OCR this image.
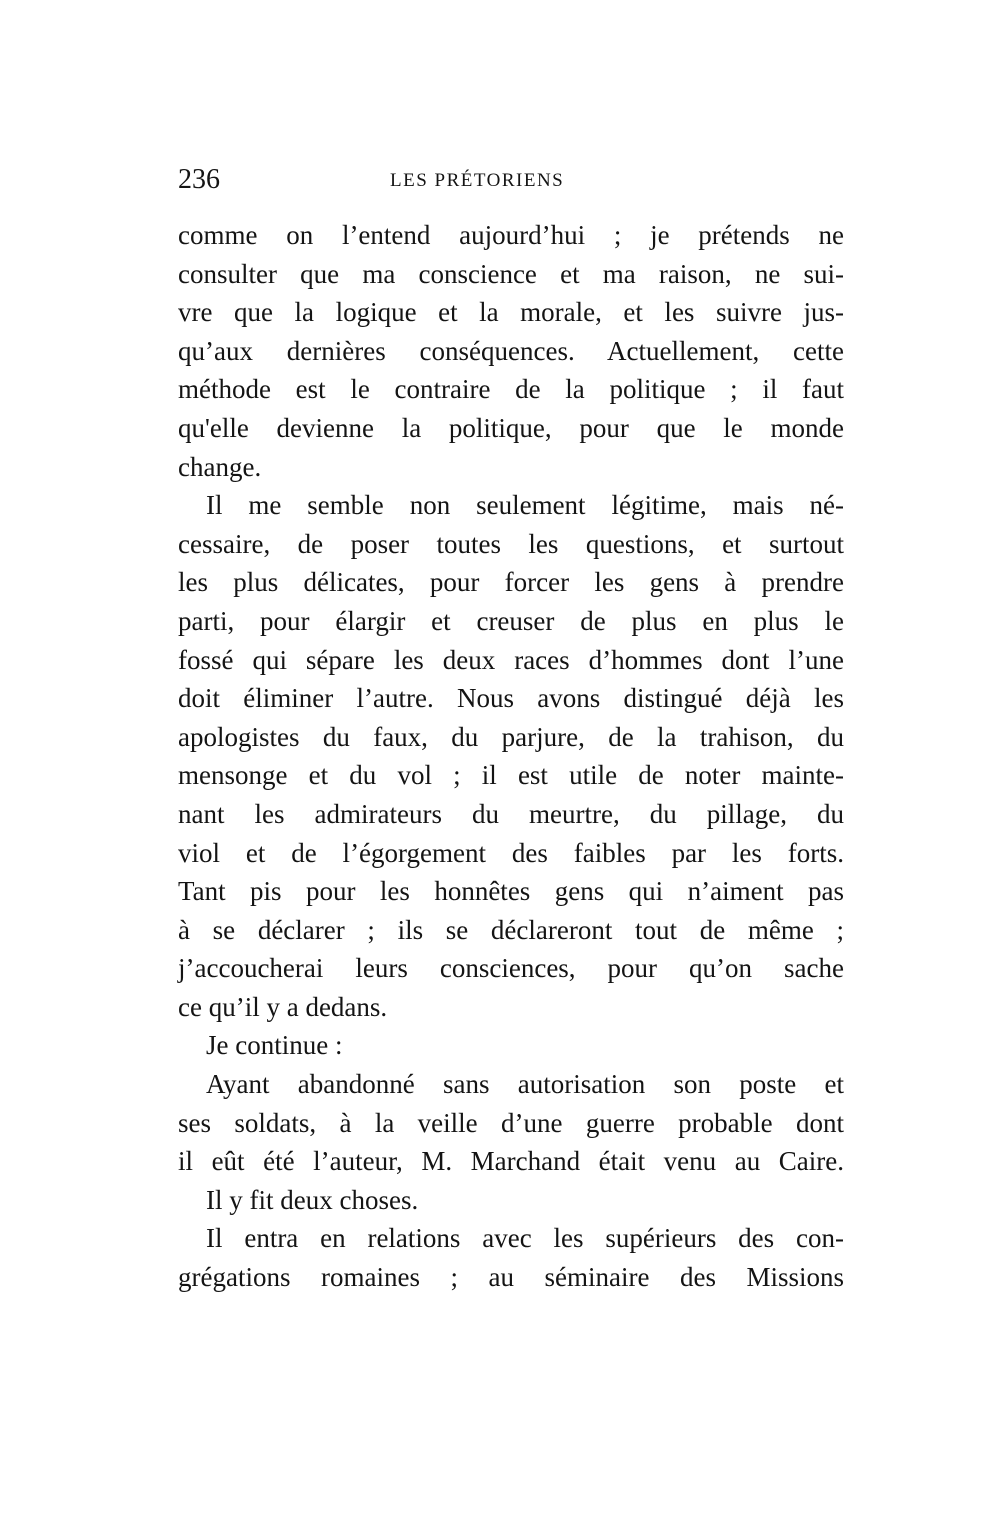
236	LES PRÉTORIENS
comme on l’entend aujourd’hui ; je prétends ne
consulter que ma conscience et ma raison, ne sui-
vre que la logique et la morale, et les suivre jus-
qu’aux dernières conséquences. Actuellement, cette
méthode est le contraire de la politique ; il faut
qu'elle devienne la politique, pour que le monde
change.
Il me semble non seulement légitime, mais né-
cessaire, de poser toutes les questions, et surtout
les plus délicates, pour forcer les gens à prendre
parti, pour élargir et creuser de plus en plus le
fossé qui sépare les deux races d’hommes dont l’une
doit éliminer l’autre. Nous avons distingué déjà les
apologistes du faux, du parjure, de la trahison, du
mensonge et du vol ; il est utile de noter mainte-
nant les admirateurs du meurtre, du pillage, du
viol et de l’égorgement des faibles par les forts.
Tant pis pour les honnêtes gens qui n’aiment pas
à se déclarer ; ils se déclareront tout de même ;
j’accoucherai leurs consciences, pour qu’on sache
ce qu’il y a dedans.
Je continue :
Ayant abandonné sans autorisation son poste et
ses soldats, à la veille d’une guerre probable dont
il eût été l’auteur, M. Marchand était venu au Caire.
Il y fit deux choses.
Il entra en relations avec les supérieurs des con-
grégations romaines ; au séminaire des Missions
